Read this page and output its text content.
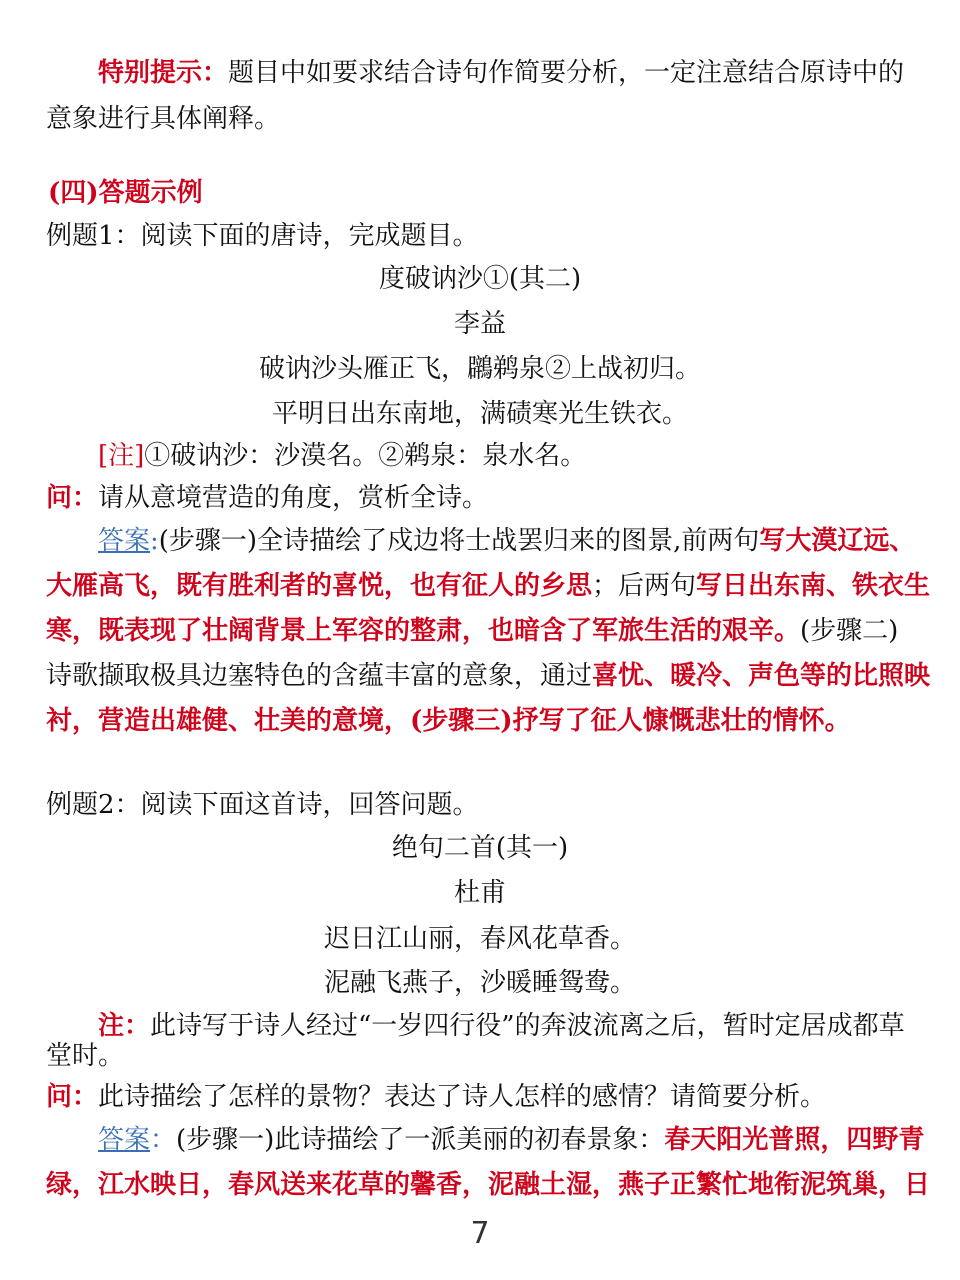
特别提示：题目中如要求结合诗句作简要分析，一定注意结合原诗中的
意象进行具体阐释。
(四)答题示例
例题1：阅读下面的唐诗，完成题目。
度破讷沙①(其二)
李益
破讷沙头雁正飞，鸊鹈泉②上战初归。
平明日出东南地，满碛寒光生铁衣。
[注]①破讷沙：沙漠名。②鹈泉：泉水名。
问：请从意境营造的角度，赏析全诗。
答案:(步骤一)全诗描绘了戍边将士战罢归来的图景,前两句写大漠辽远、
大雁高飞，既有胜利者的喜悦，也有征人的乡思；后两句写日出东南、铁衣生
寒，既表现了壮阔背景上军容的整肃，也暗含了军旅生活的艰辛。(步骤二)
诗歌撷取极具边塞特色的含蕴丰富的意象，通过喜忧、暖冷、声色等的比照映
衬，营造出雄健、壮美的意境，(步骤三)抒写了征人慷慨悲壮的情怀。
例题2：阅读下面这首诗，回答问题。
绝句二首(其一)
杜甫
迟日江山丽，春风花草香。
泥融飞燕子，沙暖睡鸳鸯。
注：此诗写于诗人经过“一岁四行役”的奔波流离之后，暂时定居成都草
堂时。
问：此诗描绘了怎样的景物？表达了诗人怎样的感情？请简要分析。
答案：(步骤一)此诗描绘了一派美丽的初春景象：春天阳光普照，四野青
绿，江水映日，春风送来花草的馨香，泥融土湿，燕子正繁忙地衔泥筑巢，日
7
